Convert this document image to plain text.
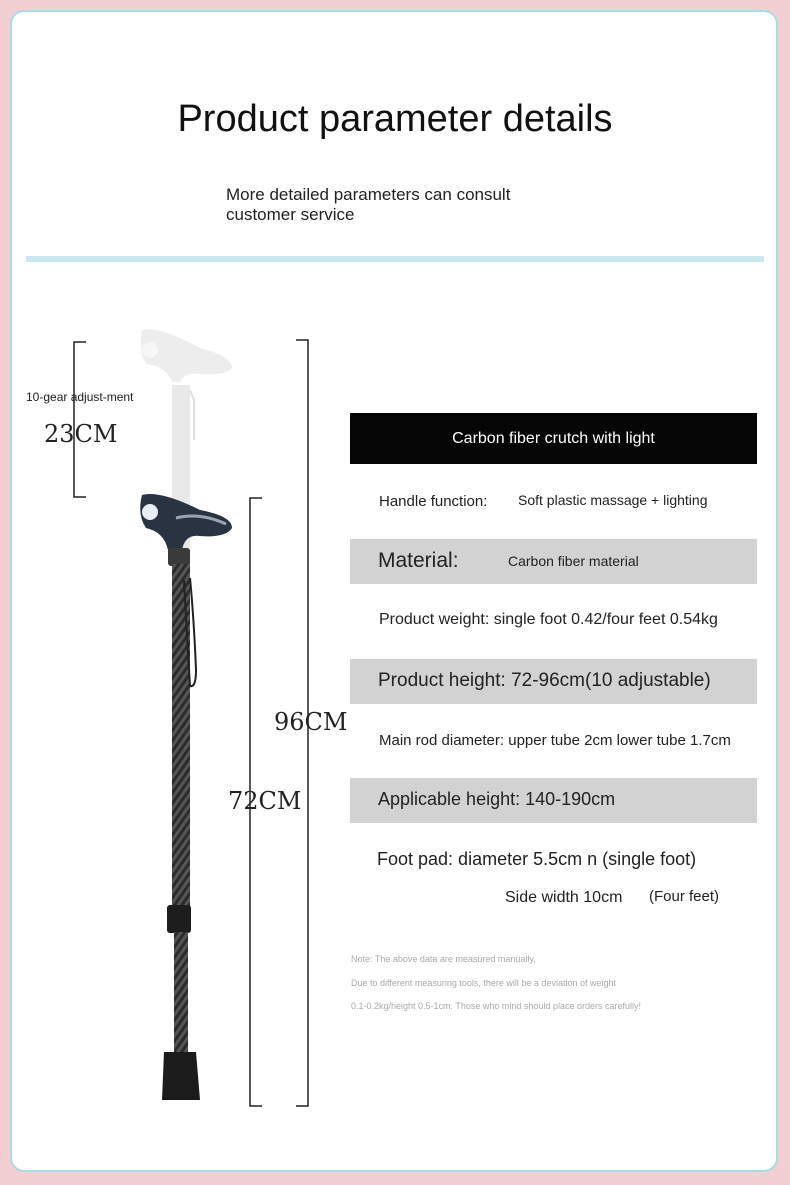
Product parameter details
More detailed parameters can consult customer service
10-gear adjust-ment
23CM
96CM
72CM
Carbon fiber crutch with light
Handle function: Soft plastic massage + lighting
Material:	Carbon fiber material
Product weight: single foot 0.42/four feet 0.54kg
Product height: 72-96cm(10 adjustable)
Main rod diameter: upper tube 2cm lower tube 1.7cm
Applicable height: 140-190cm
Foot pad: diameter 5.5cm n (single foot)
Side width 10cm (Four feet)
Note: The above data are measured manually,
Due to different measuring tools, there will be a deviation of weight
0.1-0.2kg/height 0.5-1cm. Those who mind should place orders carefully!
